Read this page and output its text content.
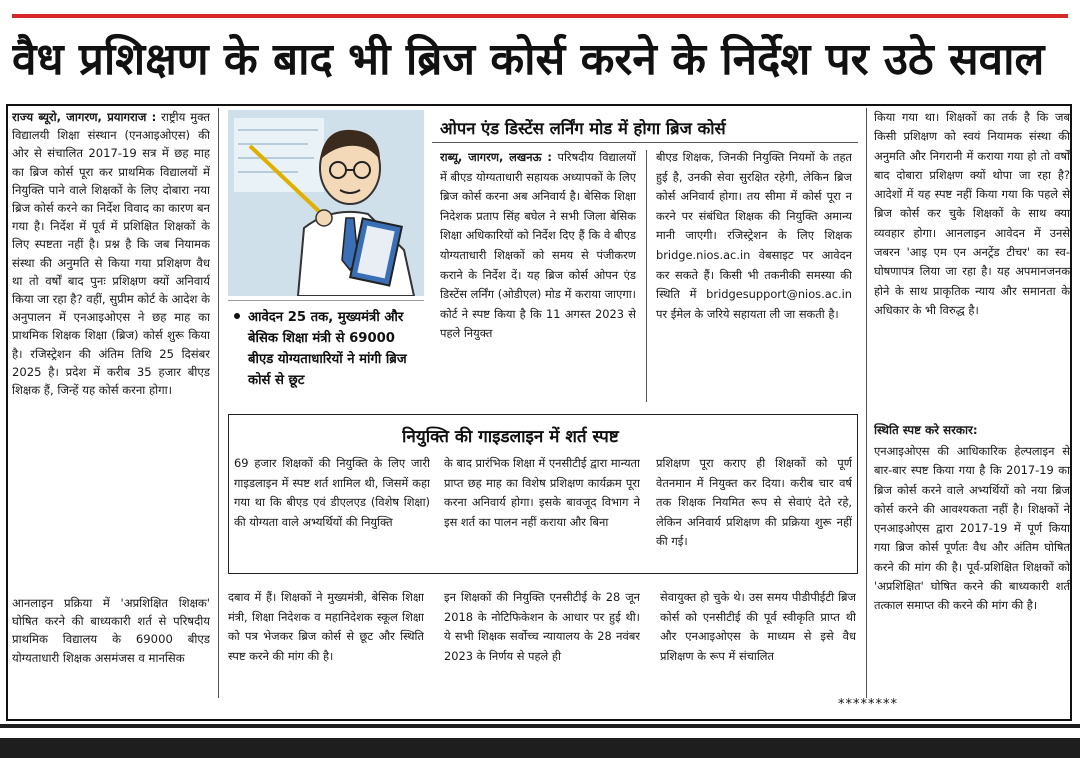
वैध प्रशिक्षण के बाद भी ब्रिज कोर्स करने के निर्देश पर उठे सवाल
राज्य ब्यूरो, जागरण, प्रयागराज : राष्ट्रीय मुक्त विद्यालयी शिक्षा संस्थान (एनआइओएस) की ओर से संचालित 2017-19 सत्र में छह माह का ब्रिज कोर्स पूरा कर प्राथमिक विद्यालयों में नियुक्ति पाने वाले शिक्षकों के लिए दोबारा नया ब्रिज कोर्स करने का निर्देश विवाद का कारण बन गया है। निर्देश में पूर्व में प्रशिक्षित शिक्षकों के लिए स्पष्टता नहीं है। प्रश्न है कि जब नियामक संस्था की अनुमति से किया गया प्रशिक्षण वैध था तो वर्षों बाद पुनः प्रशिक्षण क्यों अनिवार्य किया जा रहा है? वहीं, सुप्रीम कोर्ट के आदेश के अनुपालन में एनआइओएस ने छह माह का प्राथमिक शिक्षक शिक्षा (ब्रिज) कोर्स शुरू किया है। रजिस्ट्रेशन की अंतिम तिथि 25 दिसंबर 2025 है। प्रदेश में करीब 35 हजार बीएड शिक्षक हैं, जिन्हें यह कोर्स करना होगा।
आवेदन 25 तक, मुख्यमंत्री और बेसिक शिक्षा मंत्री से 69000 बीएड योग्यताधारियों ने मांगी ब्रिज कोर्स से छूट
ओपन एंड डिस्टेंस लर्निंग मोड में होगा ब्रिज कोर्स
राब्यू, जागरण, लखनऊ : परिषदीय विद्यालयों में बीएड योग्यताधारी सहायक अध्यापकों के लिए ब्रिज कोर्स करना अब अनिवार्य है। बेसिक शिक्षा निदेशक प्रताप सिंह बघेल ने सभी जिला बेसिक शिक्षा अधिकारियों को निर्देश दिए हैं कि वे बीएड योग्यताधारी शिक्षकों को समय से पंजीकरण कराने के निर्देश दें। यह ब्रिज कोर्स ओपन एंड डिस्टेंस लर्निंग (ओडीएल) मोड में कराया जाएगा। कोर्ट ने स्पष्ट किया है कि 11 अगस्त 2023 से पहले नियुक्त
बीएड शिक्षक, जिनकी नियुक्ति नियमों के तहत हुई है, उनकी सेवा सुरक्षित रहेगी, लेकिन ब्रिज कोर्स अनिवार्य होगा। तय सीमा में कोर्स पूरा न करने पर संबंधित शिक्षक की नियुक्ति अमान्य मानी जाएगी। रजिस्ट्रेशन के लिए शिक्षक bridge.nios.ac.in वेबसाइट पर आवेदन कर सकते हैं। किसी भी तकनीकी समस्या की स्थिति में bridgesupport@nios.ac.in पर ईमेल के जरिये सहायता ली जा सकती है।
नियुक्ति की गाइडलाइन में शर्त स्पष्ट
69 हजार शिक्षकों की नियुक्ति के लिए जारी गाइडलाइन में स्पष्ट शर्त शामिल थी, जिसमें कहा गया था कि बीएड एवं डीएलएड (विशेष शिक्षा) की योग्यता वाले अभ्यर्थियों की नियुक्ति
के बाद प्रारंभिक शिक्षा में एनसीटीई द्वारा मान्यता प्राप्त छह माह का विशेष प्रशिक्षण कार्यक्रम पूरा करना अनिवार्य होगा। इसके बावजूद विभाग ने इस शर्त का पालन नहीं कराया और बिना
प्रशिक्षण पूरा कराए ही शिक्षकों को पूर्ण वेतनमान में नियुक्त कर दिया। करीब चार वर्ष तक शिक्षक नियमित रूप से सेवाएं देते रहे, लेकिन अनिवार्य प्रशिक्षण की प्रक्रिया शुरू नहीं की गई।
आनलाइन प्रक्रिया में 'अप्रशिक्षित शिक्षक' घोषित करने की बाध्यकारी शर्त से परिषदीय प्राथमिक विद्यालय के 69000 बीएड योग्यताधारी शिक्षक असमंजस व मानसिक
दबाव में हैं। शिक्षकों ने मुख्यमंत्री, बेसिक शिक्षा मंत्री, शिक्षा निदेशक व महानिदेशक स्कूल शिक्षा को पत्र भेजकर ब्रिज कोर्स से छूट और स्थिति स्पष्ट करने की मांग की है।
इन शिक्षकों की नियुक्ति एनसीटीई के 28 जून 2018 के नोटिफिकेशन के आधार पर हुई थी। ये सभी शिक्षक सर्वोच्च न्यायालय के 28 नवंबर 2023 के निर्णय से पहले ही
सेवायुक्त हो चुके थे। उस समय पीडीपीईटी ब्रिज कोर्स को एनसीटीई की पूर्व स्वीकृति प्राप्त थी और एनआइओएस के माध्यम से इसे वैध प्रशिक्षण के रूप में संचालित
किया गया था। शिक्षकों का तर्क है कि जब किसी प्रशिक्षण को स्वयं नियामक संस्था की अनुमति और निगरानी में कराया गया हो तो वर्षों बाद दोबारा प्रशिक्षण क्यों थोपा जा रहा है? आदेशों में यह स्पष्ट नहीं किया गया कि पहले से ब्रिज कोर्स कर चुके शिक्षकों के साथ क्या व्यवहार होगा। आनलाइन आवेदन में उनसे जबरन 'आइ एम एन अनट्रेंड टीचर' का स्व-घोषणापत्र लिया जा रहा है। यह अपमानजनक होने के साथ प्राकृतिक न्याय और समानता के अधिकार के भी विरुद्ध है।
स्थिति स्पष्ट करे सरकार:
एनआइओएस की आधिकारिक हेल्पलाइन से बार-बार स्पष्ट किया गया है कि 2017-19 का ब्रिज कोर्स करने वाले अभ्यर्थियों को नया ब्रिज कोर्स करने की आवश्यकता नहीं है। शिक्षकों ने एनआइओएस द्वारा 2017-19 में पूर्ण किया गया ब्रिज कोर्स पूर्णतः वैध और अंतिम घोषित करने की मांग की है। पूर्व-प्रशिक्षित शिक्षकों को 'अप्रशिक्षित' घोषित करने की बाध्यकारी शर्त तत्काल समाप्त की करने की मांग की है।
********
